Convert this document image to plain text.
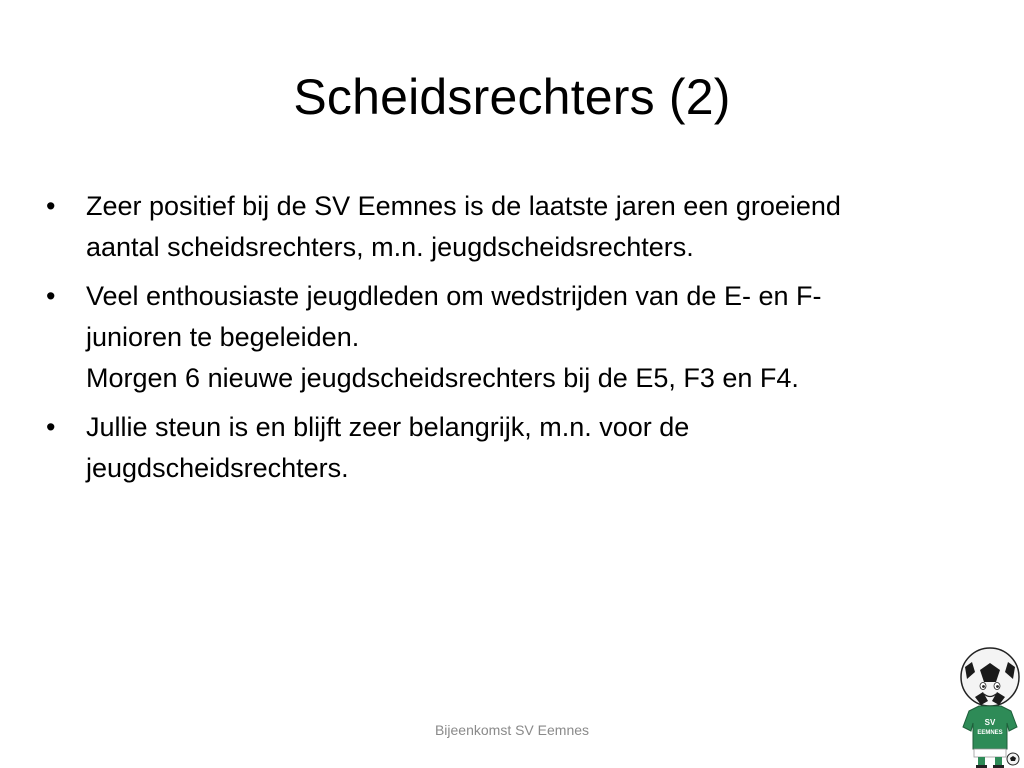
Scheidsrechters (2)
•	Zeer positief bij de SV Eemnes is de laatste jaren een groeiend
aantal scheidsrechters, m.n. jeugdscheidsrechters.
•	Veel enthousiaste jeugdleden om wedstrijden van de E- en F-
junioren te begeleiden.
Morgen 6 nieuwe jeugdscheidsrechters bij de E5, F3 en F4.
•	Jullie steun is en blijft zeer belangrijk, m.n. voor de
jeugdscheidsrechters.
Bijeenkomst SV Eemnes	SV
EEMNES
